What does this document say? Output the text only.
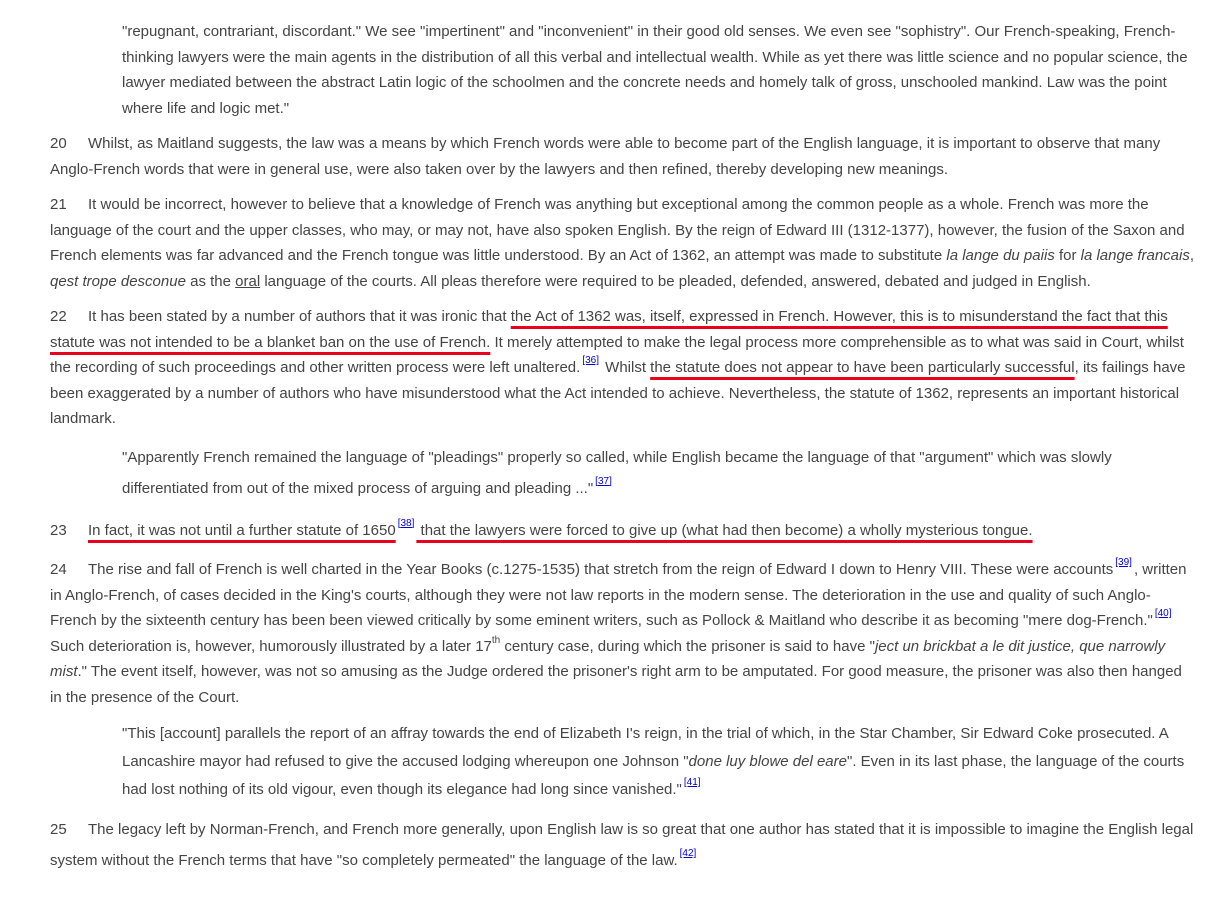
"repugnant, contrariant, discordant." We see "impertinent" and "inconvenient" in their good old senses. We even see "sophistry". Our French-speaking, French-thinking lawyers were the main agents in the distribution of all this verbal and intellectual wealth. While as yet there was little science and no popular science, the lawyer mediated between the abstract Latin logic of the schoolmen and the concrete needs and homely talk of gross, unschooled mankind. Law was the point where life and logic met."

20 Whilst, as Maitland suggests, the law was a means by which French words were able to become part of the English language, it is important to observe that many Anglo-French words that were in general use, were also taken over by the lawyers and then refined, thereby developing new meanings.

21 It would be incorrect, however to believe that a knowledge of French was anything but exceptional among the common people as a whole. French was more the language of the court and the upper classes, who may, or may not, have also spoken English. By the reign of Edward III (1312-1377), however, the fusion of the Saxon and French elements was far advanced and the French tongue was little understood. By an Act of 1362, an attempt was made to substitute la lange du paiis for la lange francais, qest trope desconue as the oral language of the courts. All pleas therefore were required to be pleaded, defended, answered, debated and judged in English.

22 It has been stated by a number of authors that it was ironic that the Act of 1362 was, itself, expressed in French. However, this is to misunderstand the fact that this statute was not intended to be a blanket ban on the use of French. It merely attempted to make the legal process more comprehensible as to what was said in Court, whilst the recording of such proceedings and other written process were left unaltered. [36] Whilst the statute does not appear to have been particularly successful, its failings have been exaggerated by a number of authors who have misunderstood what the Act intended to achieve. Nevertheless, the statute of 1362, represents an important historical landmark.

"Apparently French remained the language of "pleadings" properly so called, while English became the language of that "argument" which was slowly differentiated from out of the mixed process of arguing and pleading ..." [37]

23 In fact, it was not until a further statute of 1650 [38] that the lawyers were forced to give up (what had then become) a wholly mysterious tongue.

24 The rise and fall of French is well charted in the Year Books (c.1275-1535) that stretch from the reign of Edward I down to Henry VIII. These were accounts [39] , written in Anglo-French, of cases decided in the King's courts, although they were not law reports in the modern sense. The deterioration in the use and quality of such Anglo-French by the sixteenth century has been been viewed critically by some eminent writers, such as Pollock & Maitland who describe it as becoming "mere dog-French." [40] Such deterioration is, however, humorously illustrated by a later 17th century case, during which the prisoner is said to have "ject un brickbat a le dit justice, que narrowly mist." The event itself, however, was not so amusing as the Judge ordered the prisoner's right arm to be amputated. For good measure, the prisoner was also then hanged in the presence of the Court.

"This [account] parallels the report of an affray towards the end of Elizabeth I's reign, in the trial of which, in the Star Chamber, Sir Edward Coke prosecuted. A Lancashire mayor had refused to give the accused lodging whereupon one Johnson "done luy blowe del eare". Even in its last phase, the language of the courts had lost nothing of its old vigour, even though its elegance had long since vanished." [41]

25 The legacy left by Norman-French, and French more generally, upon English law is so great that one author has stated that it is impossible to imagine the English legal system without the French terms that have "so completely permeated" the language of the law. [42]
